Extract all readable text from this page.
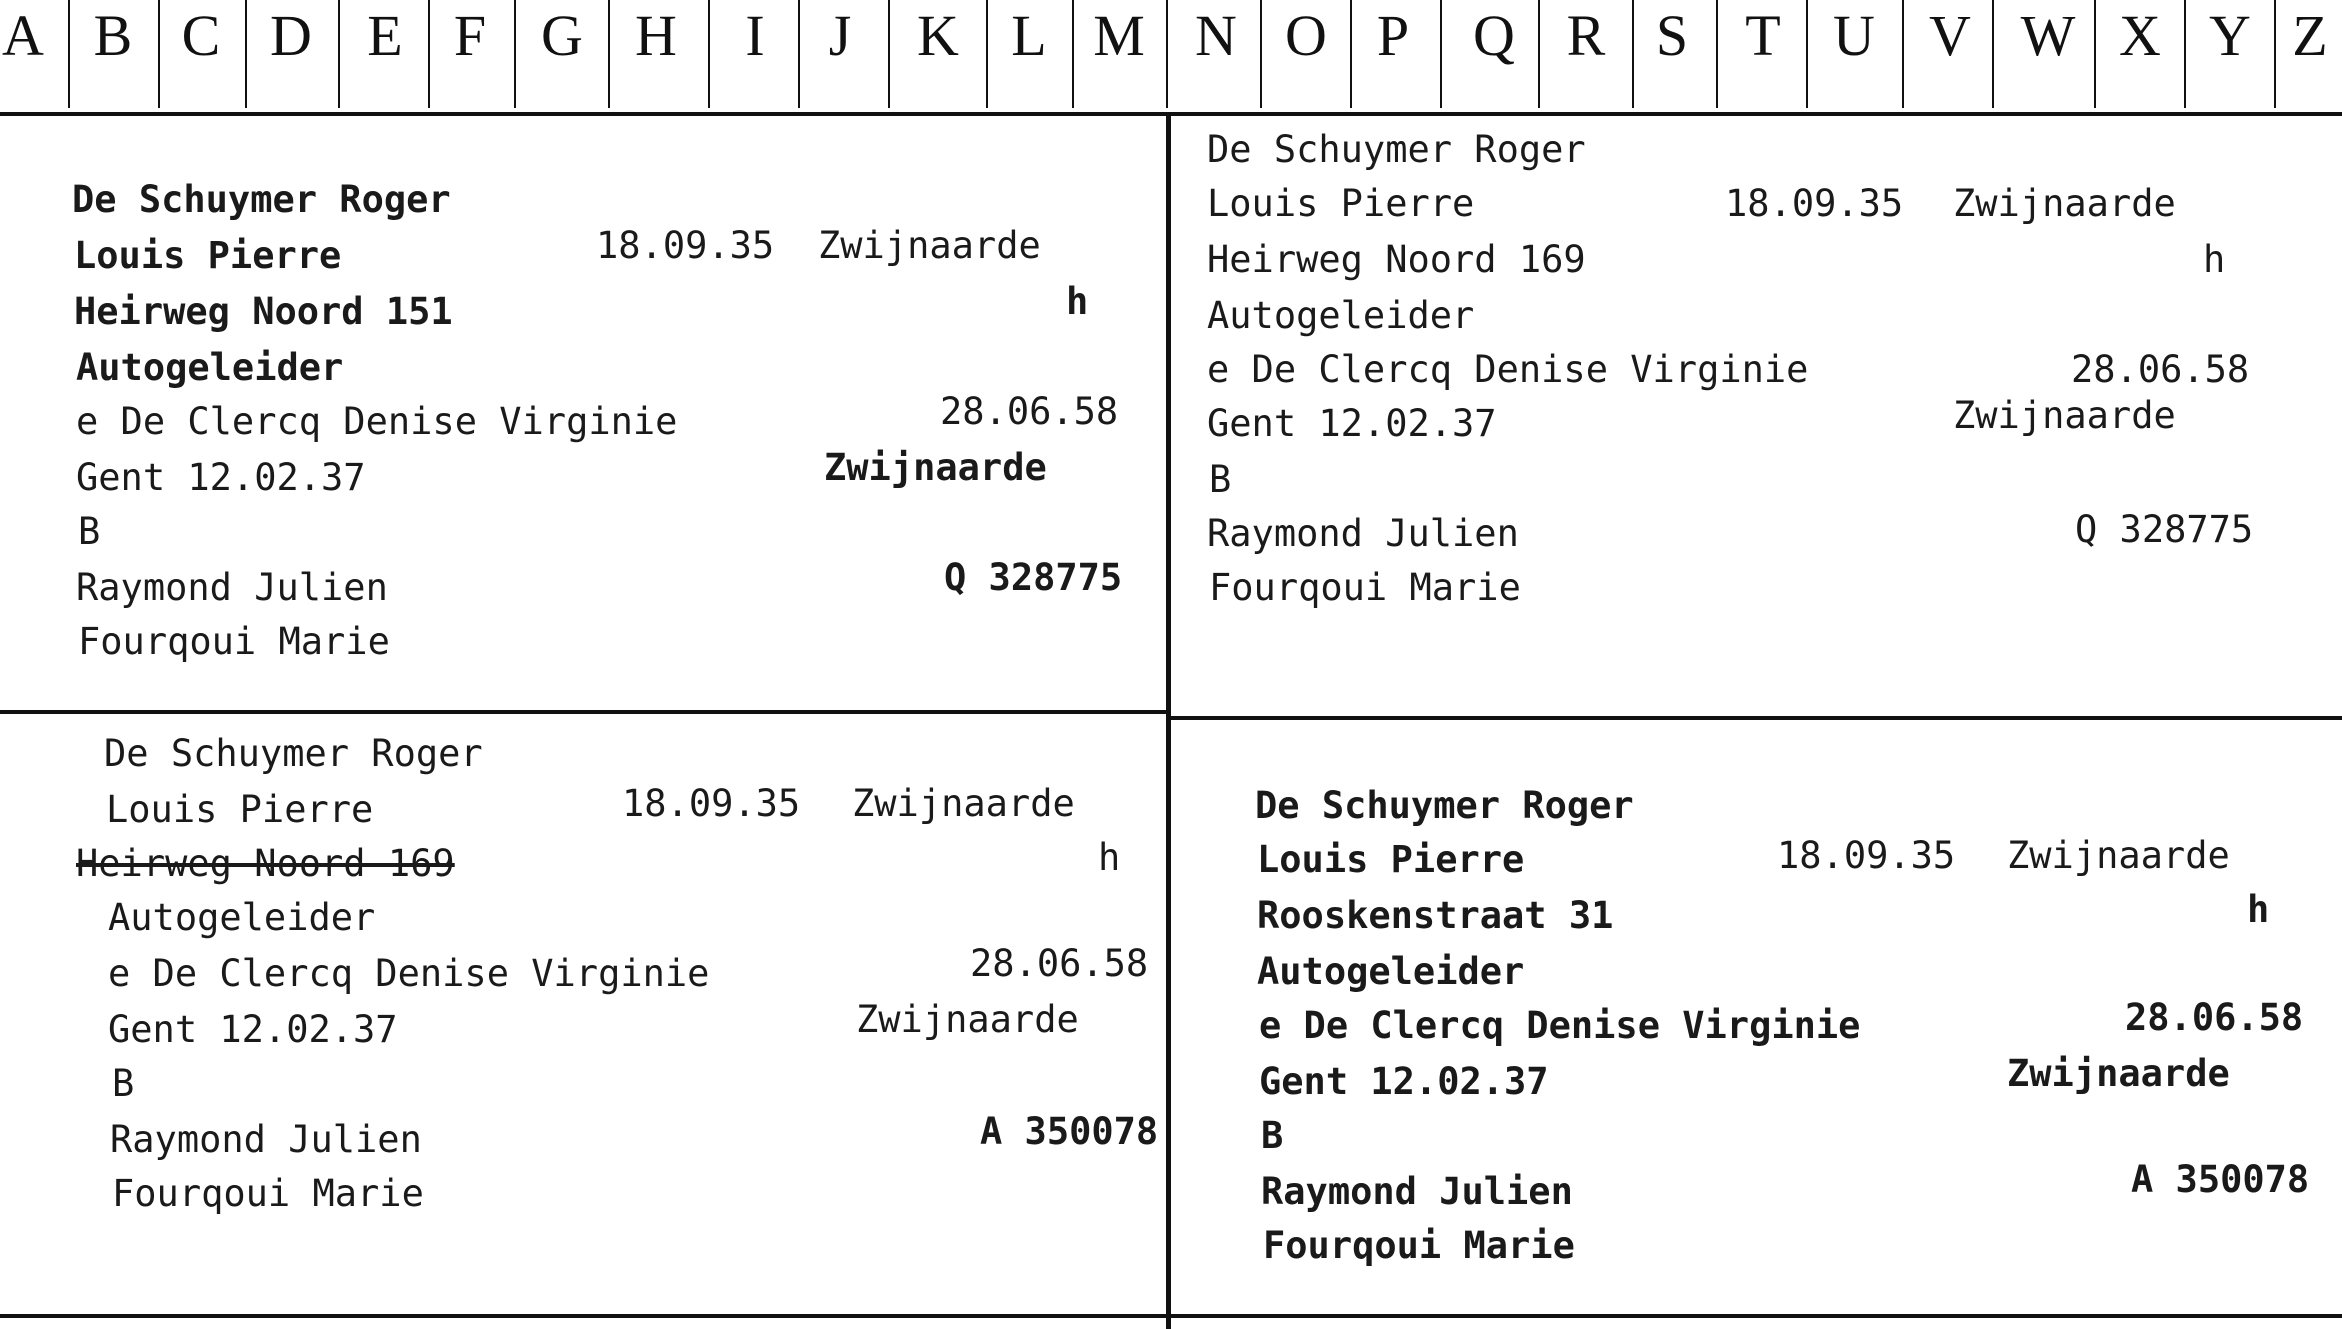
A B C D E F G H	I	J	K L M N O P	Q R S T U V W X Y Z
De Schuymer Roger
Louis Pierre	18.09.35 Zwijnaarde
Heirweg Noord 151	h
Autogeleider
e De Clercq Denise Virginie	28.06.58
Gent 12.02.37	Zwijnaarde
B
Raymond Julien	Q 328775
Fourqoui Marie
De Schuymer Roger
Louis Pierre	18.09.35 Zwijnaarde
Heirweg Noord 169	h
Autogeleider
e De Clercq Denise Virginie	28.06.58
Gent 12.02.37	Zwijnaarde
B
Raymond Julien	Q 328775
Fourqoui Marie
De Schuymer Roger
Louis Pierre	18.09.35 Zwijnaarde
Heirweg Noord 169	h
Autogeleider
e De Clercq Denise Virginie	28.06.58
Gent 12.02.37	Zwijnaarde
B
Raymond Julien	A 350078
Fourqoui Marie
De Schuymer Roger
Louis Pierre	18.09.35 Zwijnaarde
Rooskenstraat 31	h
Autogeleider
e De Clercq Denise Virginie	28.06.58
Gent 12.02.37	Zwijnaarde
B
Raymond Julien	A 350078
Fourqoui Marie
